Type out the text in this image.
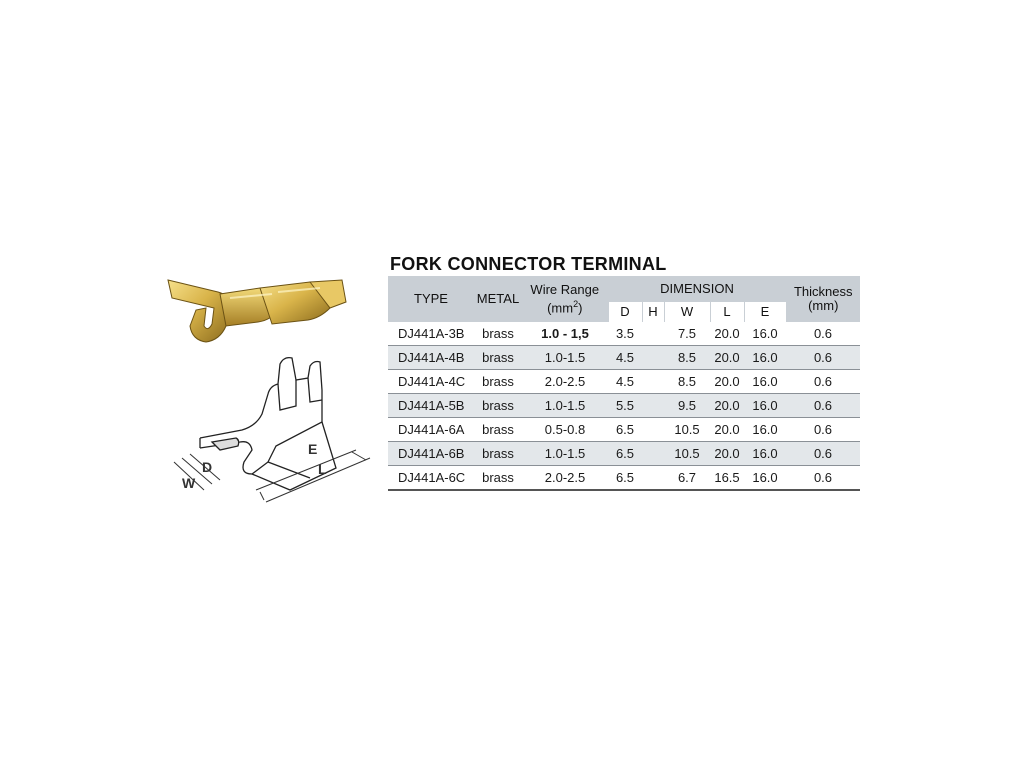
D
W
E
L
FORK CONNECTOR TERMINAL
TYPE	METAL	Wire Range
$(mm^2)$	DIMENSION					Thickness
(mm)
			D	H	W	L	E	
DJ441A-3B	brass	1.0 - 1,5	3.5		7.5	20.0	16.0	0.6
DJ441A-4B	brass	1.0-1.5	4.5		8.5	20.0	16.0	0.6
DJ441A-4C	brass	2.0-2.5	4.5		8.5	20.0	16.0	0.6
DJ441A-5B	brass	1.0-1.5	5.5		9.5	20.0	16.0	0.6
DJ441A-6A	brass	0.5-0.8	6.5		10.5	20.0	16.0	0.6
DJ441A-6B	brass	1.0-1.5	6.5		10.5	20.0	16.0	0.6
DJ441A-6C	brass	2.0-2.5	6.5		6.7	16.5	16.0	0.6
